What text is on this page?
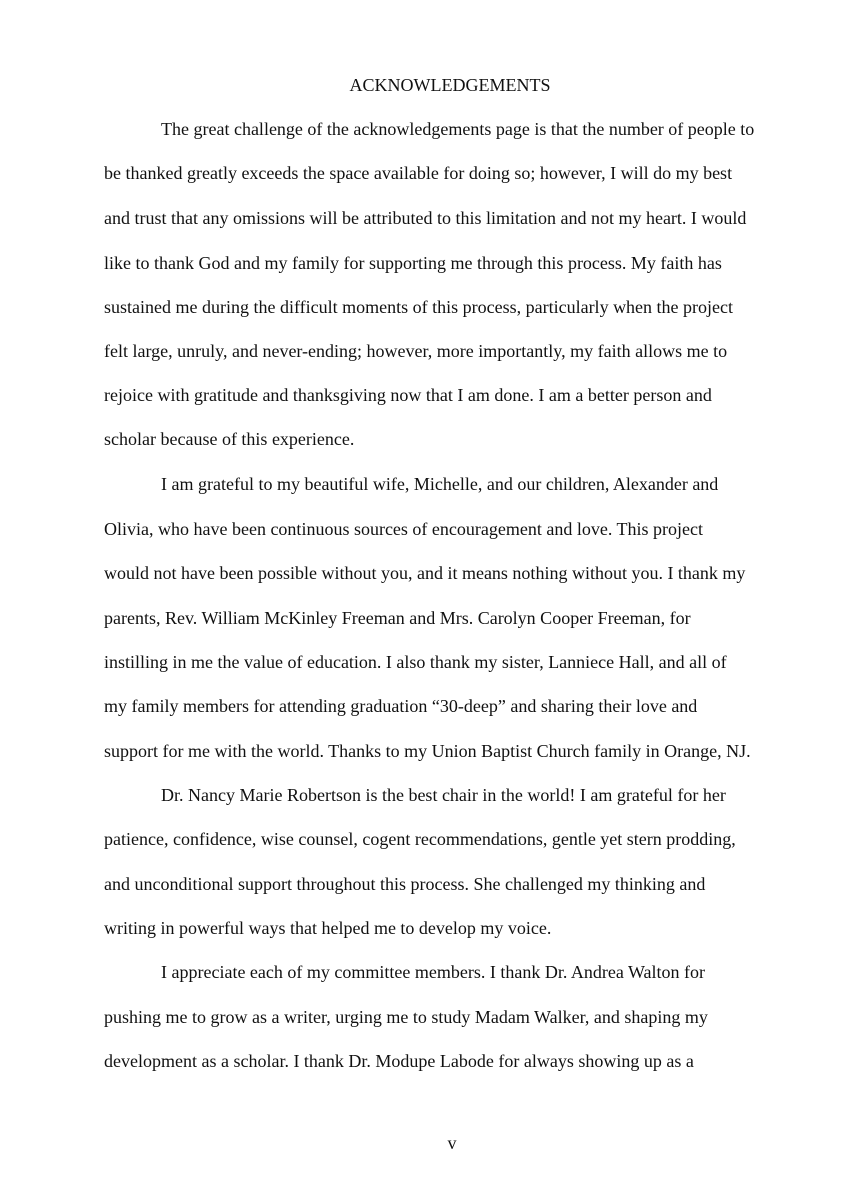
ACKNOWLEDGEMENTS
The great challenge of the acknowledgements page is that the number of people to
be thanked greatly exceeds the space available for doing so; however, I will do my best
and trust that any omissions will be attributed to this limitation and not my heart. I would
like to thank God and my family for supporting me through this process. My faith has
sustained me during the difficult moments of this process, particularly when the project
felt large, unruly, and never-ending; however, more importantly, my faith allows me to
rejoice with gratitude and thanksgiving now that I am done. I am a better person and
scholar because of this experience.
I am grateful to my beautiful wife, Michelle, and our children, Alexander and
Olivia, who have been continuous sources of encouragement and love. This project
would not have been possible without you, and it means nothing without you. I thank my
parents, Rev. William McKinley Freeman and Mrs. Carolyn Cooper Freeman, for
instilling in me the value of education. I also thank my sister, Lanniece Hall, and all of
my family members for attending graduation “30-deep” and sharing their love and
support for me with the world. Thanks to my Union Baptist Church family in Orange, NJ.
Dr. Nancy Marie Robertson is the best chair in the world! I am grateful for her
patience, confidence, wise counsel, cogent recommendations, gentle yet stern prodding,
and unconditional support throughout this process. She challenged my thinking and
writing in powerful ways that helped me to develop my voice.
I appreciate each of my committee members. I thank Dr. Andrea Walton for
pushing me to grow as a writer, urging me to study Madam Walker, and shaping my
development as a scholar. I thank Dr. Modupe Labode for always showing up as a
v
